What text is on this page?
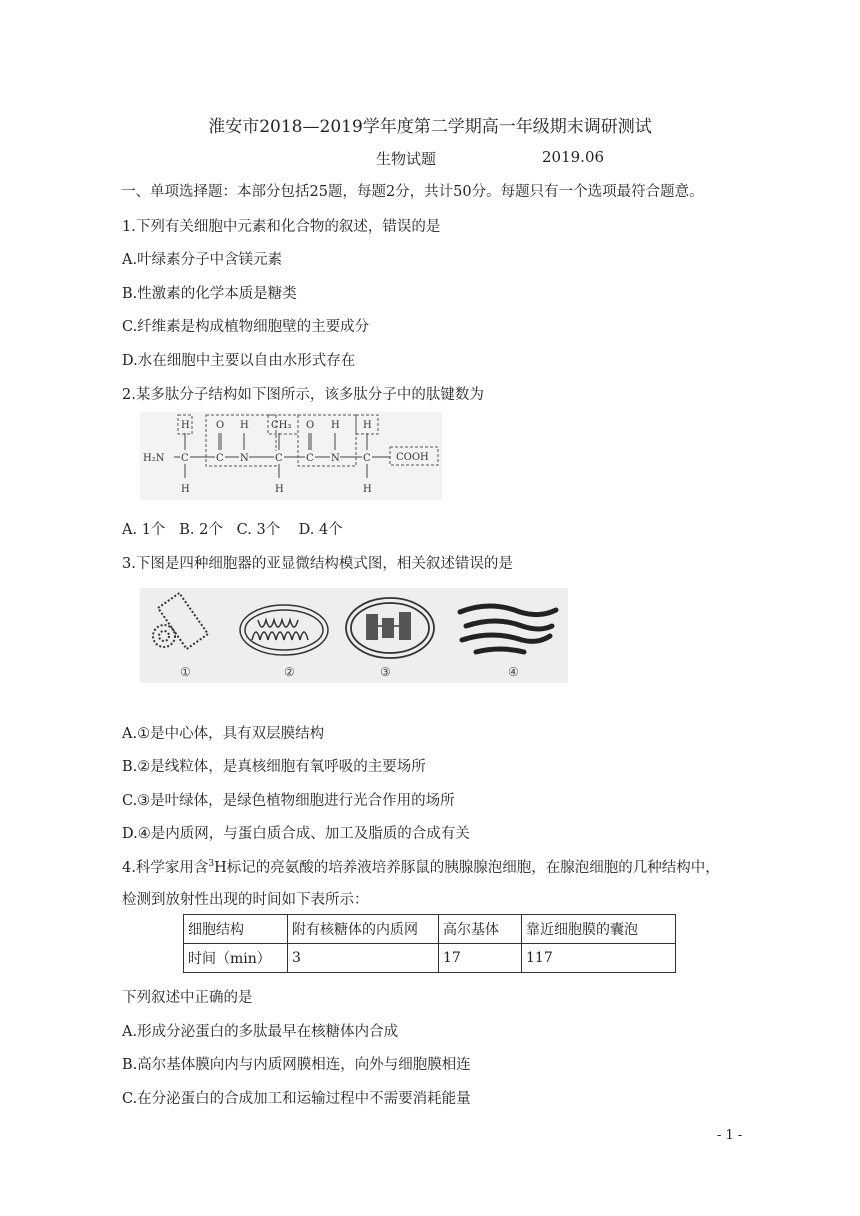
淮安市2018—2019学年度第二学期高一年级期末调研测试
生物试题	2019.06
一、单项选择题：本部分包括25题，每题2分，共计50分。每题只有一个选项最符合题意。
1.下列有关细胞中元素和化合物的叙述，错误的是
A.叶绿素分子中含镁元素
B.性激素的化学本质是糖类
C.纤维素是构成植物细胞壁的主要成分
D.水在细胞中主要以自由水形式存在
2.某多肽分子结构如下图所示，该多肽分子中的肽键数为
H₂N
H
C
H
O
C
H
N
CH₃
C
H
O
C
H
N
H
C
H
COOH
A. 1个   B. 2个   C. 3个    D. 4个
3.下图是四种细胞器的亚显微结构模式图，相关叙述错误的是
①	②	③	④
A.①是中心体，具有双层膜结构
B.②是线粒体，是真核细胞有氧呼吸的主要场所
C.③是叶绿体，是绿色植物细胞进行光合作用的场所
D.④是内质网，与蛋白质合成、加工及脂质的合成有关
4.科学家用含$^3$H标记的亮氨酸的培养液培养豚鼠的胰腺腺泡细胞，在腺泡细胞的几种结构中，
检测到放射性出现的时间如下表所示：
细胞结构	附有核糖体的内质网	高尔基体	靠近细胞膜的囊泡
时间（min）	3	17	117
下列叙述中正确的是
A.形成分泌蛋白的多肽最早在核糖体内合成
B.高尔基体膜向内与内质网膜相连，向外与细胞膜相连
C.在分泌蛋白的合成加工和运输过程中不需要消耗能量
- 1 -
